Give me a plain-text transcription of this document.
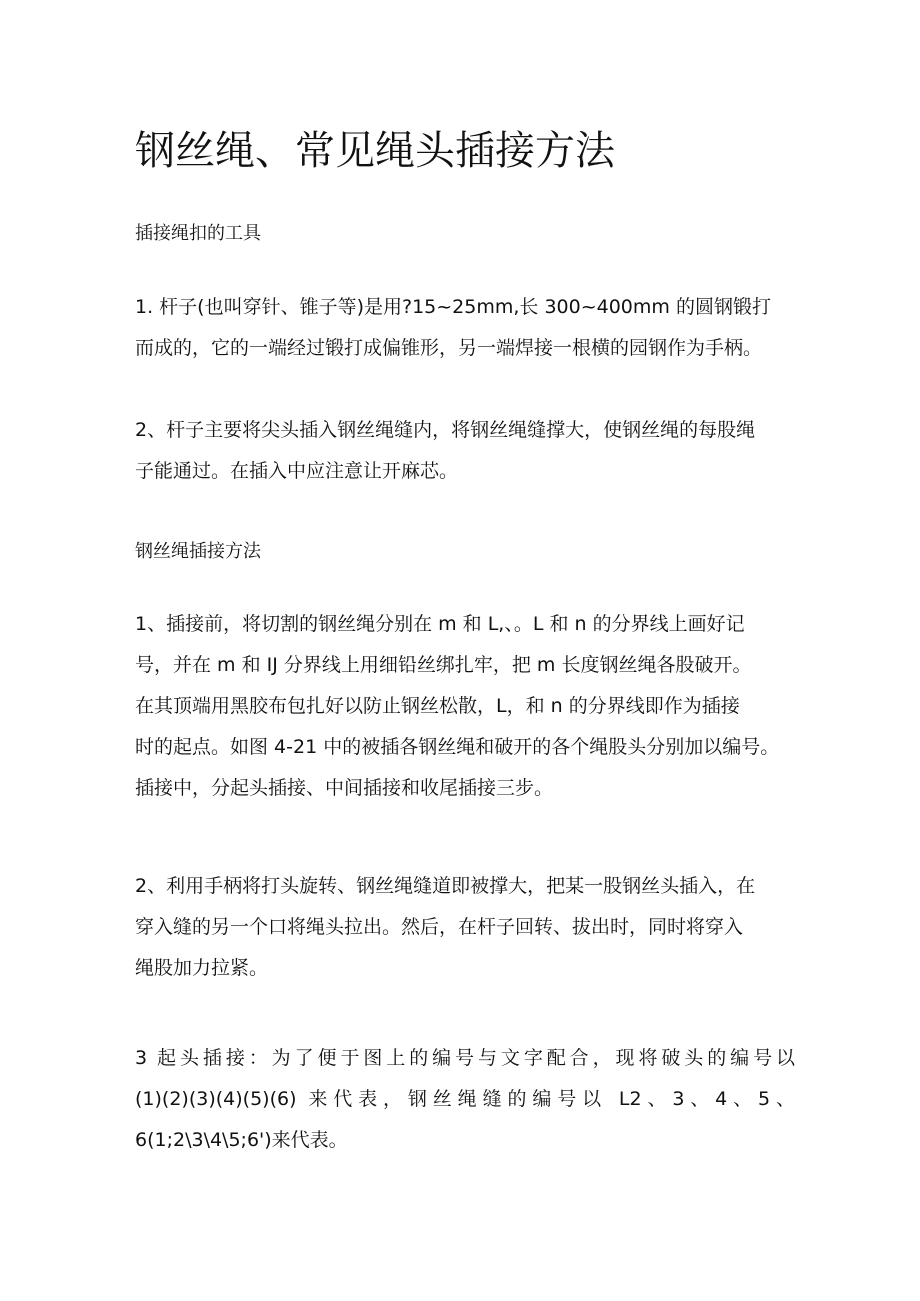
钢丝绳、常见绳头插接方法

插接绳扣的工具

1. 杆子(也叫穿针、锥子等)是用?15~25mm,长 300~400mm 的圆钢锻打
而成的，它的一端经过锻打成偏锥形，另一端焊接一根横的园钢作为手柄。
2、杆子主要将尖头插入钢丝绳缝内，将钢丝绳缝撑大，使钢丝绳的每股绳
子能通过。在插入中应注意让开麻芯。

钢丝绳插接方法

1、插接前，将切割的钢丝绳分别在 m 和 L,、。L 和 n 的分界线上画好记
号，并在 m 和 IJ 分界线上用细铅丝绑扎牢，把 m 长度钢丝绳各股破开。
在其顶端用黑胶布包扎好以防止钢丝松散，L，和 n 的分界线即作为插接
时的起点。如图 4-21 中的被插各钢丝绳和破开的各个绳股头分别加以编号。
插接中，分起头插接、中间插接和收尾插接三步。
2、利用手柄将打头旋转、钢丝绳缝道即被撑大，把某一股钢丝头插入，在
穿入缝的另一个口将绳头拉出。然后，在杆子回转、拔出时，同时将穿入
绳股加力拉紧。
3 起头插接：为了便于图上的编号与文字配合，现将破头的编号以
(1)(2)(3)(4)(5)(6) 来代表，钢丝绳缝的编号以 L2、3、4、5、
6(1;2\3\4\5;6')来代表。
